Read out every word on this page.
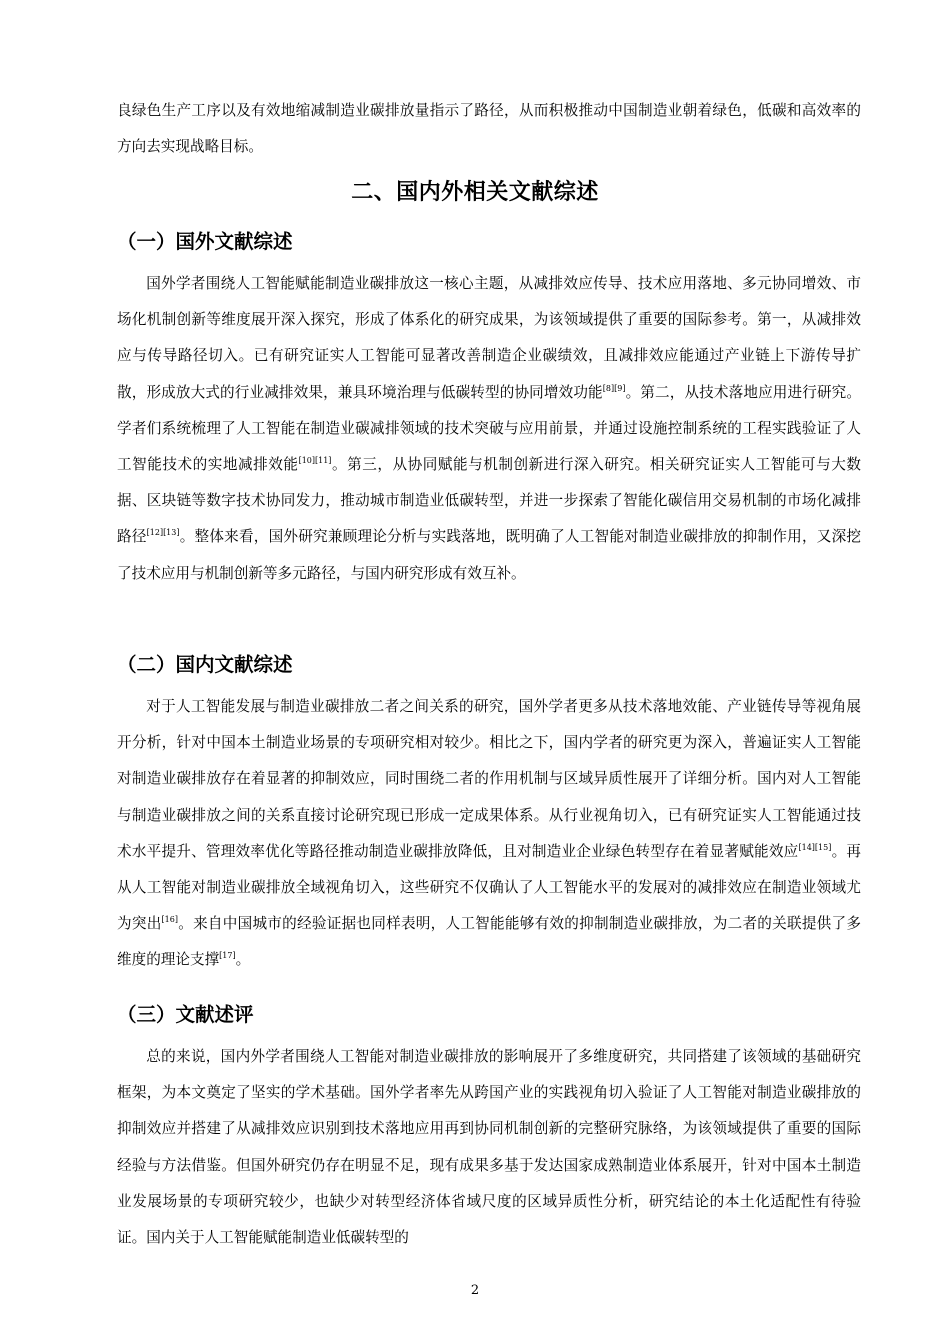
良绿色生产工序以及有效地缩减制造业碳排放量指示了路径，从而积极推动中国制造业朝着绿色，低碳和高效率的方向去实现战略目标。

二、国内外相关文献综述
（一）国外文献综述

国外学者围绕人工智能赋能制造业碳排放这一核心主题，从减排效应传导、技术应用落地、多元协同增效、市场化机制创新等维度展开深入探究，形成了体系化的研究成果，为该领域提供了重要的国际参考。第一，从减排效应与传导路径切入。已有研究证实人工智能可显著改善制造企业碳绩效，且减排效应能通过产业链上下游传导扩散，形成放大式的行业减排效果，兼具环境治理与低碳转型的协同增效功能[8][9]。第二，从技术落地应用进行研究。学者们系统梳理了人工智能在制造业碳减排领域的技术突破与应用前景，并通过设施控制系统的工程实践验证了人工智能技术的实地减排效能[10][11]。第三，从协同赋能与机制创新进行深入研究。相关研究证实人工智能可与大数据、区块链等数字技术协同发力，推动城市制造业低碳转型，并进一步探索了智能化碳信用交易机制的市场化减排路径[12][13]。整体来看，国外研究兼顾理论分析与实践落地，既明确了人工智能对制造业碳排放的抑制作用，又深挖了技术应用与机制创新等多元路径，与国内研究形成有效互补。

（二）国内文献综述

对于人工智能发展与制造业碳排放二者之间关系的研究，国外学者更多从技术落地效能、产业链传导等视角展开分析，针对中国本土制造业场景的专项研究相对较少。相比之下，国内学者的研究更为深入，普遍证实人工智能对制造业碳排放存在着显著的抑制效应，同时围绕二者的作用机制与区域异质性展开了详细分析。国内对人工智能与制造业碳排放之间的关系直接讨论研究现已形成一定成果体系。从行业视角切入，已有研究证实人工智能通过技术水平提升、管理效率优化等路径推动制造业碳排放降低，且对制造业企业绿色转型存在着显著赋能效应[14][15]。再从人工智能对制造业碳排放全域视角切入，这些研究不仅确认了人工智能水平的发展对的减排效应在制造业领域尤为突出[16]。来自中国城市的经验证据也同样表明，人工智能能够有效的抑制制造业碳排放，为二者的关联提供了多维度的理论支撑[17]。

（三）文献述评

总的来说，国内外学者围绕人工智能对制造业碳排放的影响展开了多维度研究，共同搭建了该领域的基础研究框架，为本文奠定了坚实的学术基础。国外学者率先从跨国产业的实践视角切入验证了人工智能对制造业碳排放的抑制效应并搭建了从减排效应识别到技术落地应用再到协同机制创新的完整研究脉络，为该领域提供了重要的国际经验与方法借鉴。但国外研究仍存在明显不足，现有成果多基于发达国家成熟制造业体系展开，针对中国本土制造业发展场景的专项研究较少，也缺少对转型经济体省域尺度的区域异质性分析，研究结论的本土化适配性有待验证。国内关于人工智能赋能制造业低碳转型的

2
